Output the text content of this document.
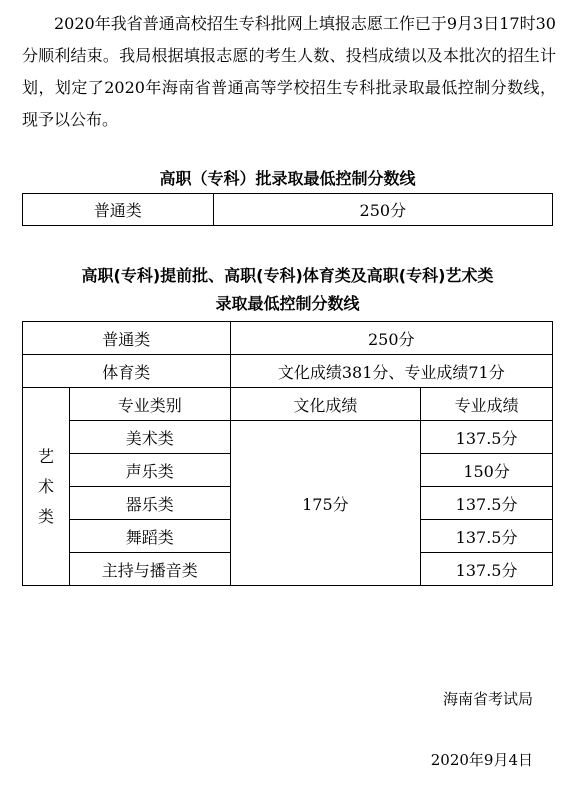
2020年我省普通高校招生专科批网上填报志愿工作已于9月3日17时30分顺利结束。我局根据填报志愿的考生人数、投档成绩以及本批次的招生计划，划定了2020年海南省普通高等学校招生专科批录取最低控制分数线，现予以公布。

高职（专科）批录取最低控制分数线
普通类	250分
高职(专科)提前批、高职(专科)体育类及高职(专科)艺术类
录取最低控制分数线
普通类		250分	
体育类		文化成绩381分、专业成绩71分	

艺
术
类	专业类别	文化成绩	专业成绩
	美术类	175分	137.5分
	声乐类		150分
	器乐类		137.5分
	舞蹈类		137.5分
	主持与播音类		137.5分

海南省考试局

2020年9月4日
